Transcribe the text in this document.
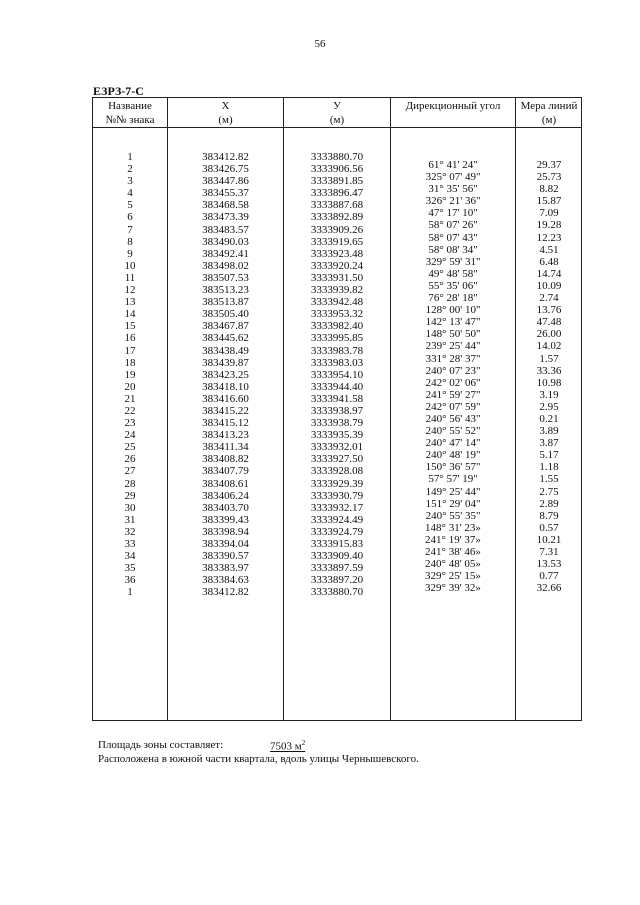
56
ЕЗРЗ-7-С
Название
№№ знака
Х
(м)
У
(м)
Дирекционный угол	Мера линий
(м)
1
2
3
4
5
6
7
8
9
10
11
12
13
14
15
16
17
18
19
20
21
22
23
24
25
26
27
28
29
30
31
32
33
34
35
36
1
383412.82
383426.75
383447.86
383455.37
383468.58
383473.39
383483.57
383490.03
383492.41
383498.02
383507.53
383513.23
383513.87
383505.40
383467.87
383445.62
383438.49
383439.87
383423.25
383418.10
383416.60
383415.22
383415.12
383413.23
383411.34
383408.82
383407.79
383408.61
383406.24
383403.70
383399.43
383398.94
383394.04
383390.57
383383.97
383384.63
383412.82
3333880.70
3333906.56
3333891.85
3333896.47
3333887.68
3333892.89
3333909.26
3333919.65
3333923.48
3333920.24
3333931.50
3333939.82
3333942.48
3333953.32
3333982.40
3333995.85
3333983.78
3333983.03
3333954.10
3333944.40
3333941.58
3333938.97
3333938.79
3333935.39
3333932.01
3333927.50
3333928.08
3333929.39
3333930.79
3333932.17
3333924.49
3333924.79
3333915.83
3333909.40
3333897.59
3333897.20
3333880.70
61° 41' 24"
325° 07' 49"
31° 35' 56"
326° 21' 36"
47° 17' 10"
58° 07' 26"
58° 07' 43"
58° 08' 34"
329° 59' 31"
49° 48' 58"
55° 35' 06"
76° 28' 18"
128° 00' 10"
142° 13' 47"
148° 50' 50"
239° 25' 44"
331° 28' 37"
240° 07' 23"
242° 02' 06"
241° 59' 27"
242° 07' 59"
240° 56' 43"
240° 55' 52"
240° 47' 14"
240° 48' 19"
150° 36' 57"
57° 57' 19"
149° 25' 44"
151° 29' 04"
240° 55' 35"
148° 31' 23»
241° 19' 37»
241° 38' 46»
240° 48' 05»
329° 25' 15»
329° 39' 32»
29.37
25.73
8.82
15.87
7.09
19.28
12.23
4.51
6.48
14.74
10.09
2.74
13.76
47.48
26.00
14.02
1.57
33.36
10.98
3.19
2.95
0.21
3.89
3.87
5.17
1.18
1.55
2.75
2.89
8.79
0.57
10.21
7.31
13.53
0.77
32.66
Площадь зоны составляет:	7503 $м^2$
Расположена в южной части квартала, вдоль улицы Чернышевского.
